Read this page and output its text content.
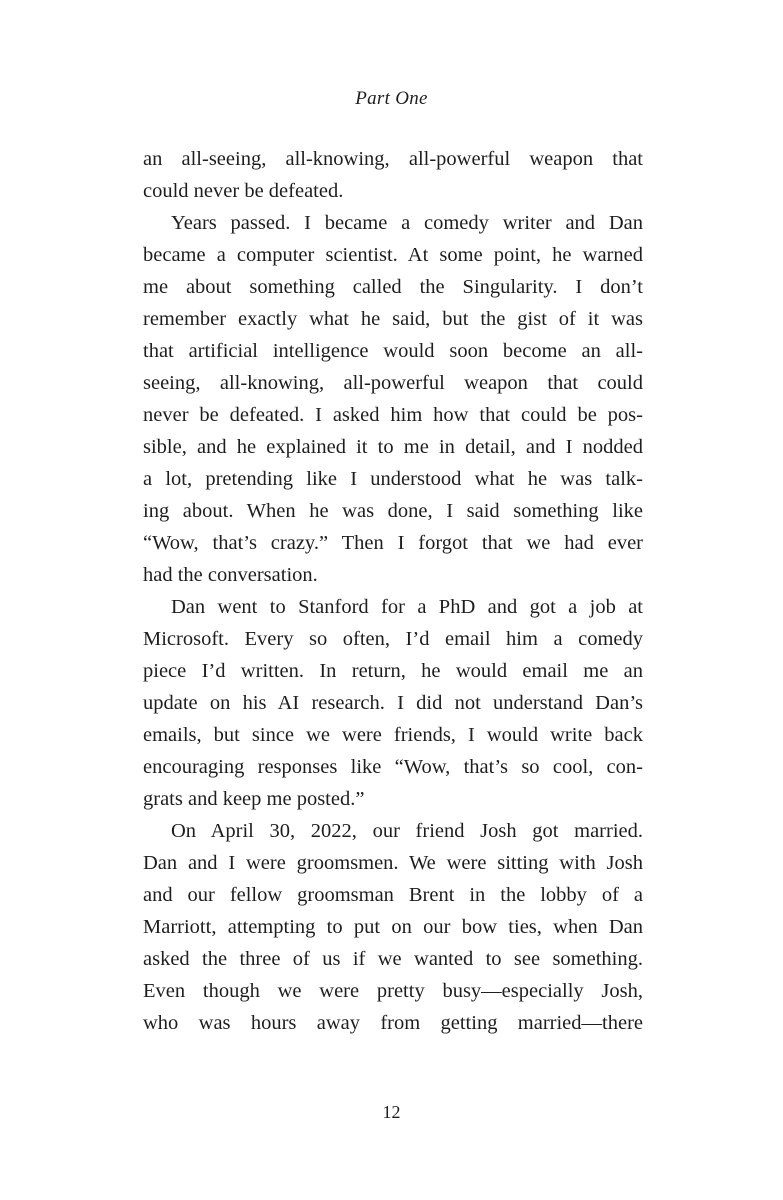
Part One
an all-seeing, all-knowing, all-powerful weapon that
could never be defeated.
Years passed. I became a comedy writer and Dan
became a computer scientist. At some point, he warned
me about something called the Singularity. I don’t
remember exactly what he said, but the gist of it was
that artificial intelligence would soon become an all-
seeing, all-knowing, all-powerful weapon that could
never be defeated. I asked him how that could be pos-
sible, and he explained it to me in detail, and I nodded
a lot, pretending like I understood what he was talk-
ing about. When he was done, I said something like
“Wow, that’s crazy.” Then I forgot that we had ever
had the conversation.
Dan went to Stanford for a PhD and got a job at
Microsoft. Every so often, I’d email him a comedy
piece I’d written. In return, he would email me an
update on his AI research. I did not understand Dan’s
emails, but since we were friends, I would write back
encouraging responses like “Wow, that’s so cool, con-
grats and keep me posted.”
On April 30, 2022, our friend Josh got married.
Dan and I were groomsmen. We were sitting with Josh
and our fellow groomsman Brent in the lobby of a
Marriott, attempting to put on our bow ties, when Dan
asked the three of us if we wanted to see something.
Even though we were pretty busy—especially Josh,
who was hours away from getting married—there
12
